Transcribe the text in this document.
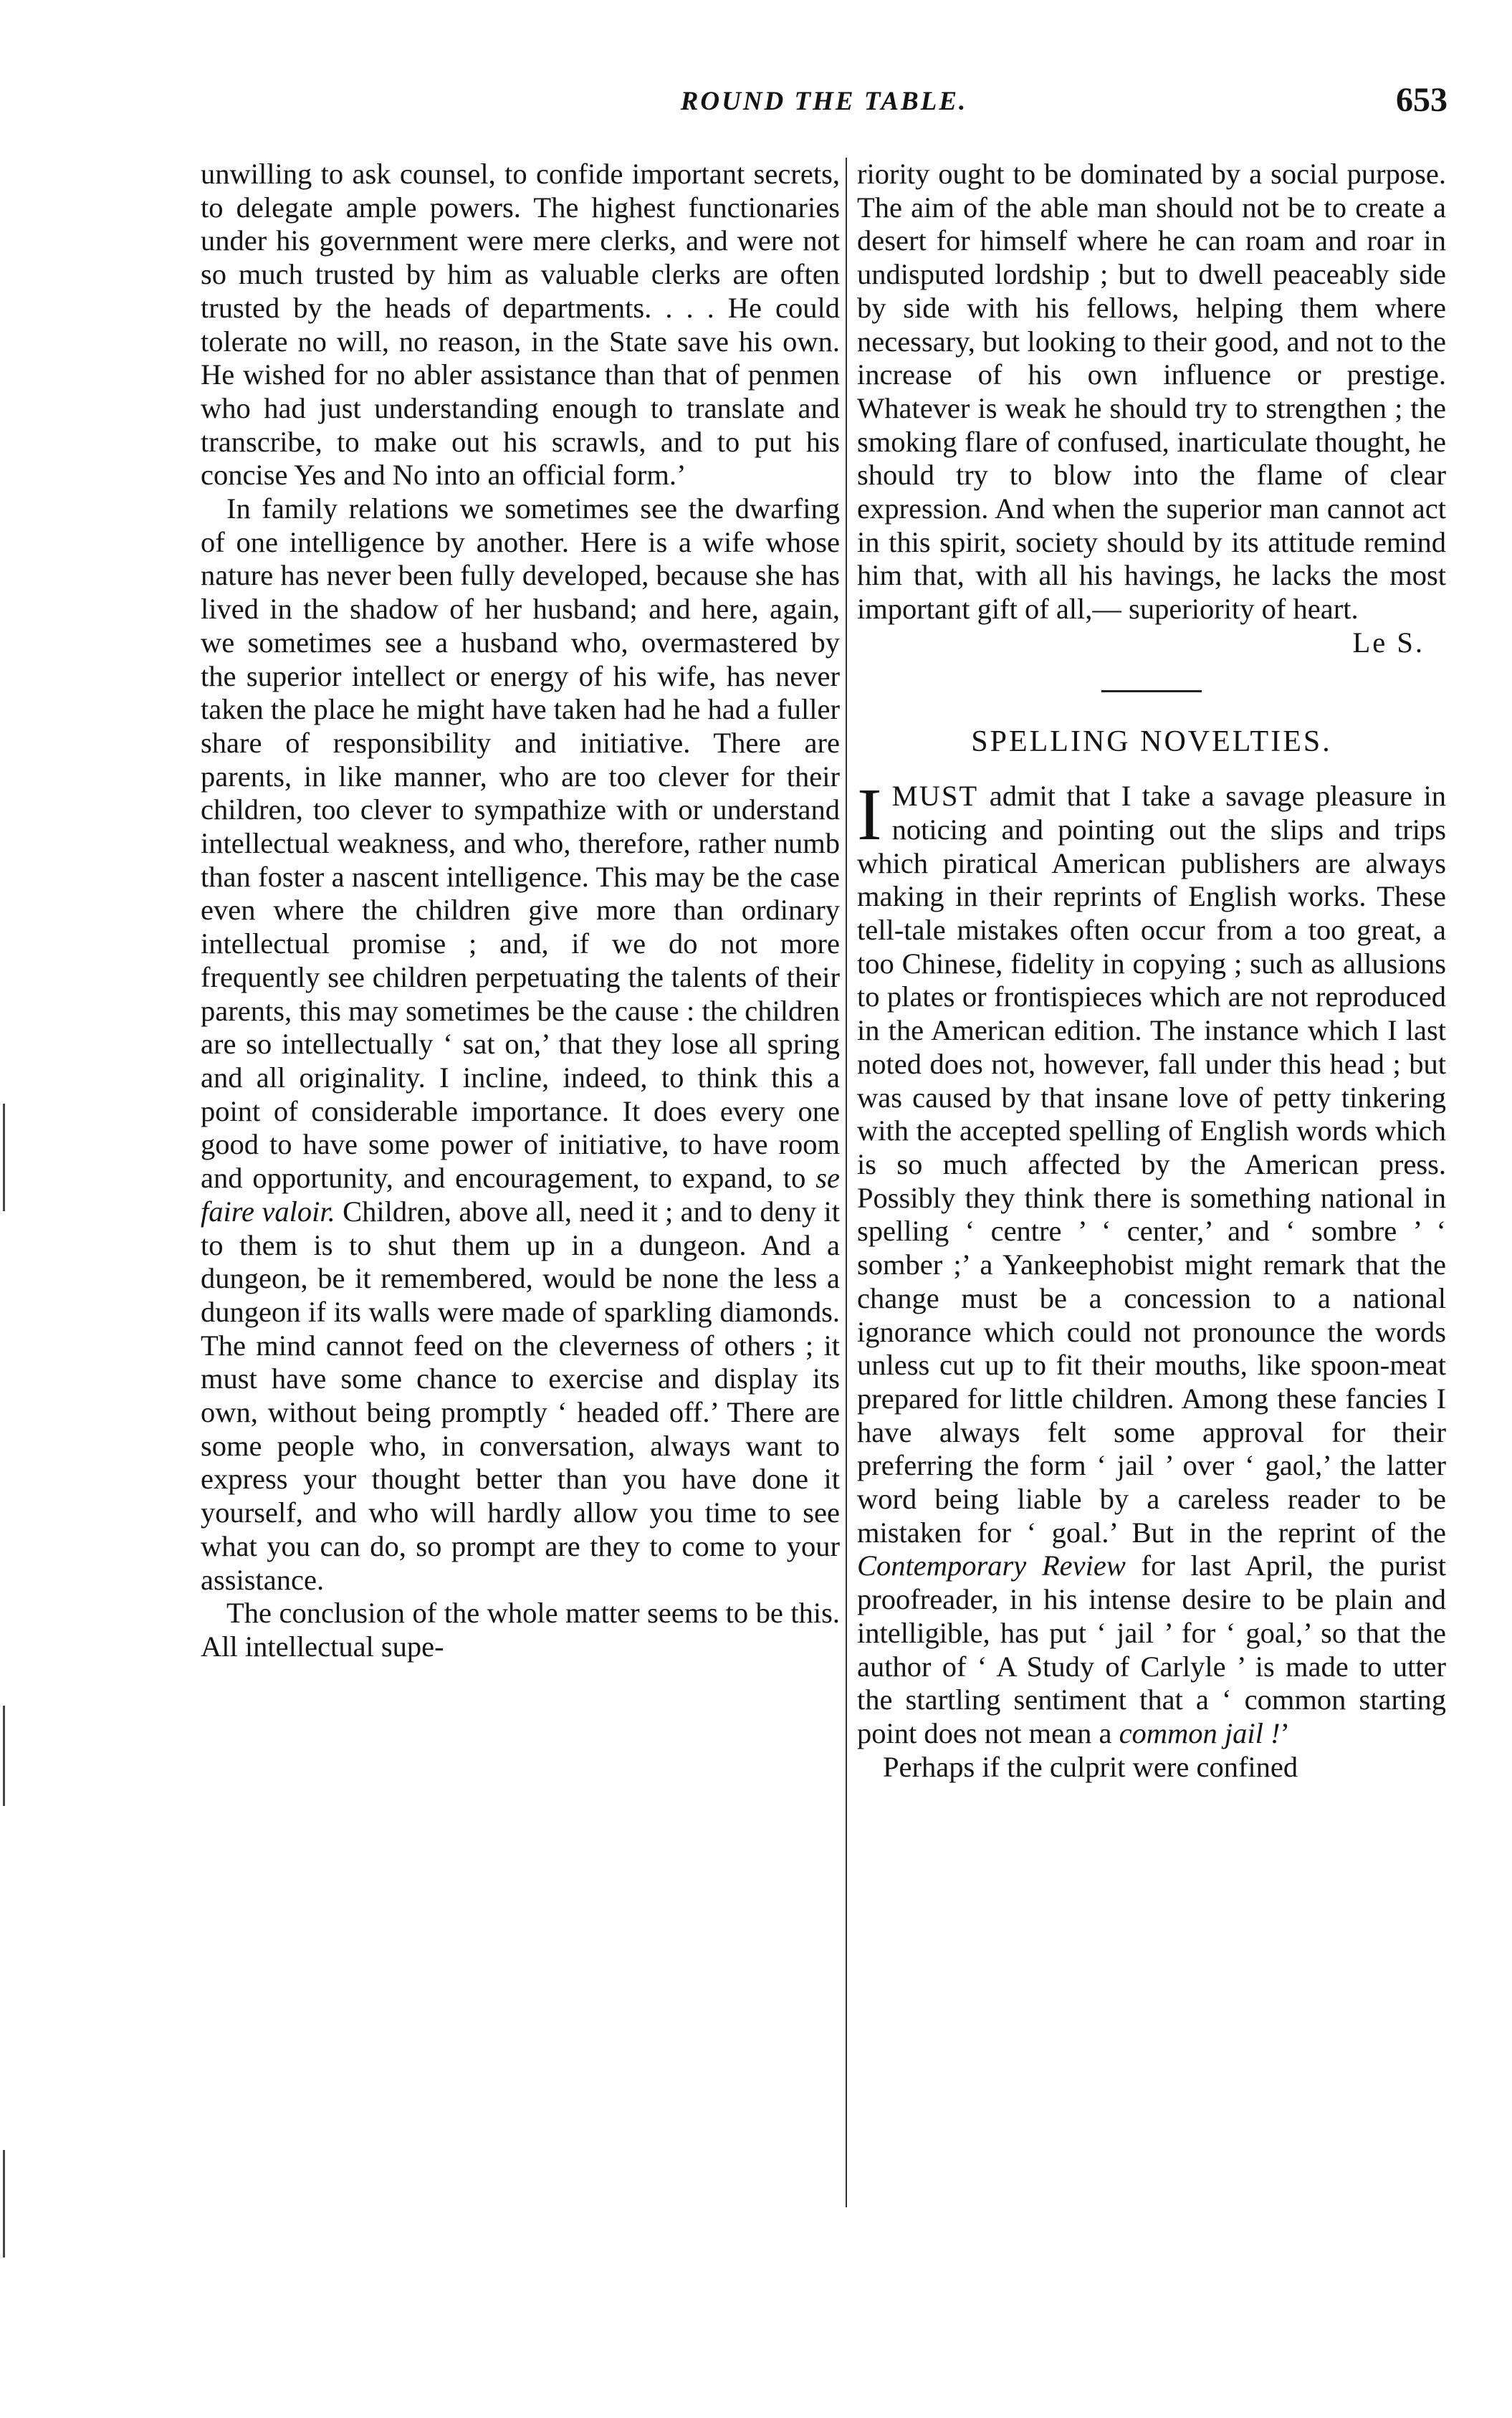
ROUND THE TABLE.	653

unwilling to ask counsel, to confide important secrets, to delegate ample powers. The highest functionaries under his government were mere clerks, and were not so much trusted by him as valuable clerks are often trusted by the heads of departments. . . . He could tolerate no will, no reason, in the State save his own. He wished for no abler assistance than that of penmen who had just understanding enough to translate and transcribe, to make out his scrawls, and to put his concise Yes and No into an official form.’

In family relations we sometimes see the dwarfing of one intelligence by another. Here is a wife whose nature has never been fully developed, because she has lived in the shadow of her husband; and here, again, we sometimes see a husband who, overmastered by the superior intellect or energy of his wife, has never taken the place he might have taken had he had a fuller share of responsibility and initiative. There are parents, in like manner, who are too clever for their children, too clever to sympathize with or understand intellectual weakness, and who, therefore, rather numb than foster a nascent intelligence. This may be the case even where the children give more than ordinary intellectual promise ; and, if we do not more frequently see children perpetuating the talents of their parents, this may sometimes be the cause : the children are so intellectually ‘ sat on,’ that they lose all spring and all originality. I incline, indeed, to think this a point of considerable importance. It does every one good to have some power of initiative, to have room and opportunity, and encouragement, to expand, to se faire valoir. Children, above all, need it ; and to deny it to them is to shut them up in a dungeon. And a dungeon, be it remembered, would be none the less a dungeon if its walls were made of sparkling diamonds. The mind cannot feed on the cleverness of others ; it must have some chance to exercise and display its own, without being promptly ‘ headed off.’ There are some people who, in conversation, always want to express your thought better than you have done it yourself, and who will hardly allow you time to see what you can do, so prompt are they to come to your assistance.

The conclusion of the whole matter seems to be this. All intellectual supe-

riority ought to be dominated by a social purpose. The aim of the able man should not be to create a desert for himself where he can roam and roar in undisputed lordship ; but to dwell peaceably side by side with his fellows, helping them where necessary, but looking to their good, and not to the increase of his own influence or prestige. Whatever is weak he should try to strengthen ; the smoking flare of confused, inarticulate thought, he should try to blow into the flame of clear expression. And when the superior man cannot act in this spirit, society should by its attitude remind him that, with all his havings, he lacks the most important gift of all,— superiority of heart.

Le S.

SPELLING NOVELTIES.

IMUST admit that I take a savage pleasure in noticing and pointing out the slips and trips which piratical American publishers are always making in their reprints of English works. These tell-tale mistakes often occur from a too great, a too Chinese, fidelity in copying ; such as allusions to plates or frontispieces which are not reproduced in the American edition. The instance which I last noted does not, however, fall under this head ; but was caused by that insane love of petty tinkering with the accepted spelling of English words which is so much affected by the American press. Possibly they think there is something national in spelling ‘ centre ’ ‘ center,’ and ‘ sombre ’ ‘ somber ;’ a Yankeephobist might remark that the change must be a concession to a national ignorance which could not pronounce the words unless cut up to fit their mouths, like spoon-meat prepared for little children. Among these fancies I have always felt some approval for their preferring the form ‘ jail ’ over ‘ gaol,’ the latter word being liable by a careless reader to be mistaken for ‘ goal.’ But in the reprint of the Contemporary Review for last April, the purist proofreader, in his intense desire to be plain and intelligible, has put ‘ jail ’ for ‘ goal,’ so that the author of ‘ A Study of Carlyle ’ is made to utter the startling sentiment that a ‘ common starting point does not mean a common jail !’

Perhaps if the culprit were confined
